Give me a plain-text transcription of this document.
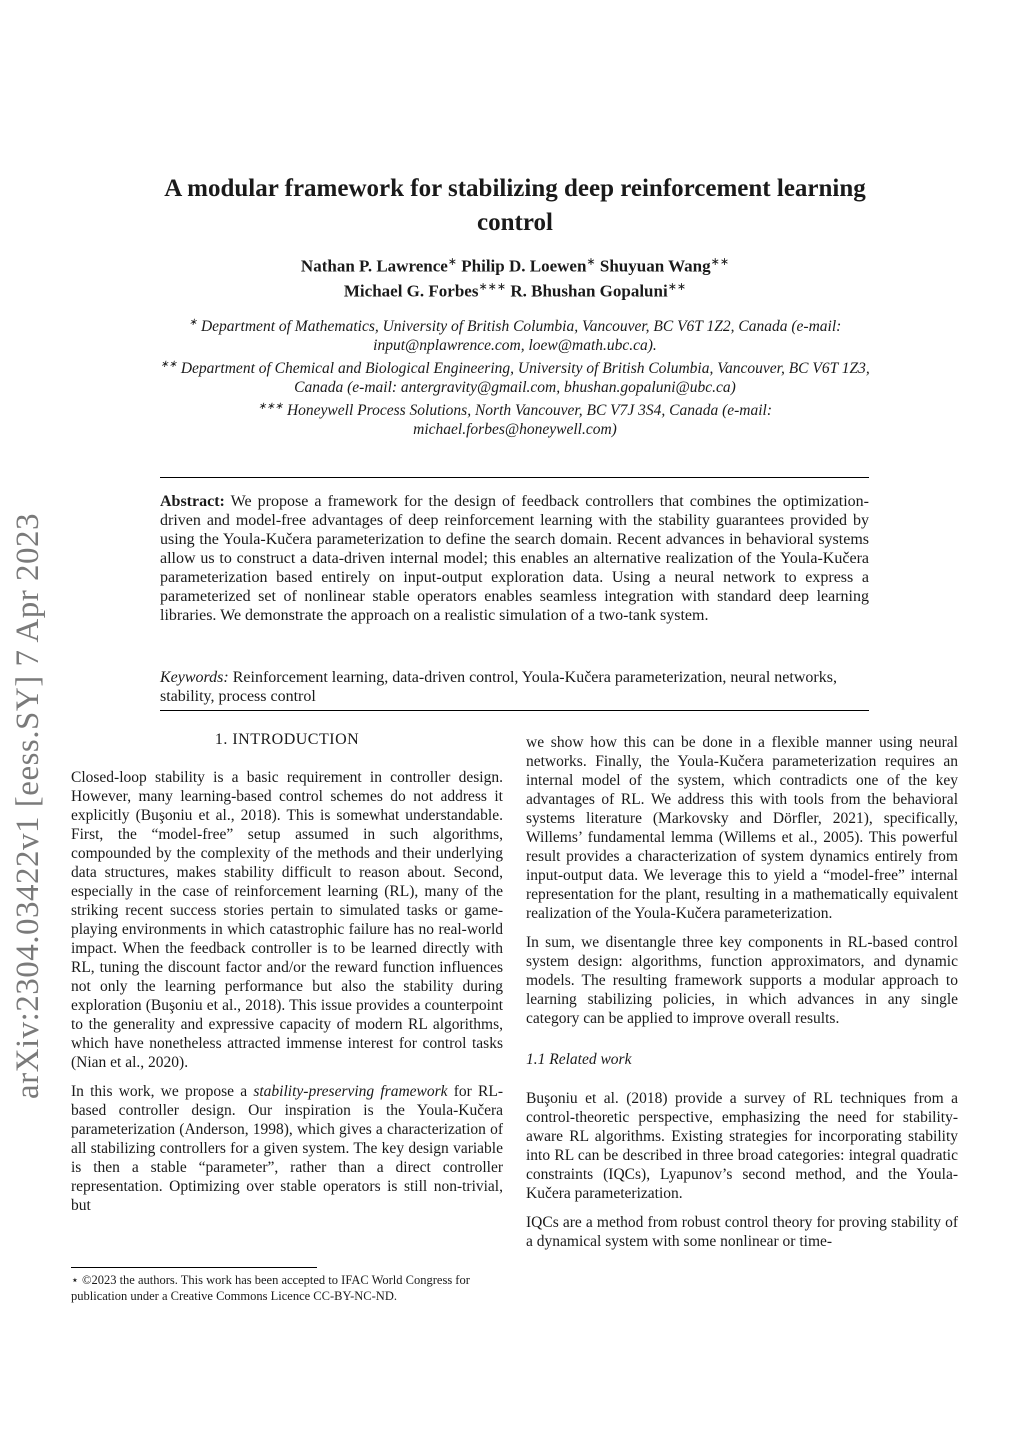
arXiv:2304.03422v1 [eess.SY] 7 Apr 2023
A modular framework for stabilizing deep reinforcement learning control
Nathan P. Lawrence∗ Philip D. Loewen∗ Shuyuan Wang∗∗
Michael G. Forbes∗∗∗ R. Bhushan Gopaluni∗∗
∗ Department of Mathematics, University of British Columbia, Vancouver, BC V6T 1Z2, Canada (e-mail: input@nplawrence.com, loew@math.ubc.ca).
∗∗ Department of Chemical and Biological Engineering, University of British Columbia, Vancouver, BC V6T 1Z3, Canada (e-mail: antergravity@gmail.com, bhushan.gopaluni@ubc.ca)
∗∗∗ Honeywell Process Solutions, North Vancouver, BC V7J 3S4, Canada (e-mail: michael.forbes@honeywell.com)
Abstract: We propose a framework for the design of feedback controllers that combines the optimization-driven and model-free advantages of deep reinforcement learning with the stability guarantees provided by using the Youla-Kučera parameterization to define the search domain. Recent advances in behavioral systems allow us to construct a data-driven internal model; this enables an alternative realization of the Youla-Kučera parameterization based entirely on input-output exploration data. Using a neural network to express a parameterized set of nonlinear stable operators enables seamless integration with standard deep learning libraries. We demonstrate the approach on a realistic simulation of a two-tank system.
Keywords: Reinforcement learning, data-driven control, Youla-Kučera parameterization, neural networks, stability, process control
1. INTRODUCTION

Closed-loop stability is a basic requirement in controller design. However, many learning-based control schemes do not address it explicitly (Buşoniu et al., 2018). This is somewhat understandable. First, the “model-free” setup assumed in such algorithms, compounded by the complexity of the methods and their underlying data structures, makes stability difficult to reason about. Second, especially in the case of reinforcement learning (RL), many of the striking recent success stories pertain to simulated tasks or game-playing environments in which catastrophic failure has no real-world impact. When the feedback controller is to be learned directly with RL, tuning the discount factor and/or the reward function influences not only the learning performance but also the stability during exploration (Buşoniu et al., 2018). This issue provides a counterpoint to the generality and expressive capacity of modern RL algorithms, which have nonetheless attracted immense interest for control tasks (Nian et al., 2020).

In this work, we propose a stability-preserving framework for RL-based controller design. Our inspiration is the Youla-Kučera parameterization (Anderson, 1998), which gives a characterization of all stabilizing controllers for a given system. The key design variable is then a stable “parameter”, rather than a direct controller representation. Optimizing over stable operators is still non-trivial, but

we show how this can be done in a flexible manner using neural networks. Finally, the Youla-Kučera parameterization requires an internal model of the system, which contradicts one of the key advantages of RL. We address this with tools from the behavioral systems literature (Markovsky and Dörfler, 2021), specifically, Willems’ fundamental lemma (Willems et al., 2005). This powerful result provides a characterization of system dynamics entirely from input-output data. We leverage this to yield a “model-free” internal representation for the plant, resulting in a mathematically equivalent realization of the Youla-Kučera parameterization.

In sum, we disentangle three key components in RL-based control system design: algorithms, function approximators, and dynamic models. The resulting framework supports a modular approach to learning stabilizing policies, in which advances in any single category can be applied to improve overall results.

1.1 Related work

Buşoniu et al. (2018) provide a survey of RL techniques from a control-theoretic perspective, emphasizing the need for stability-aware RL algorithms. Existing strategies for incorporating stability into RL can be described in three broad categories: integral quadratic constraints (IQCs), Lyapunov’s second method, and the Youla-Kučera parameterization.

IQCs are a method from robust control theory for proving stability of a dynamical system with some nonlinear or time-

⋆ ©2023 the authors. This work has been accepted to IFAC World Congress for publication under a Creative Commons Licence CC-BY-NC-ND.
